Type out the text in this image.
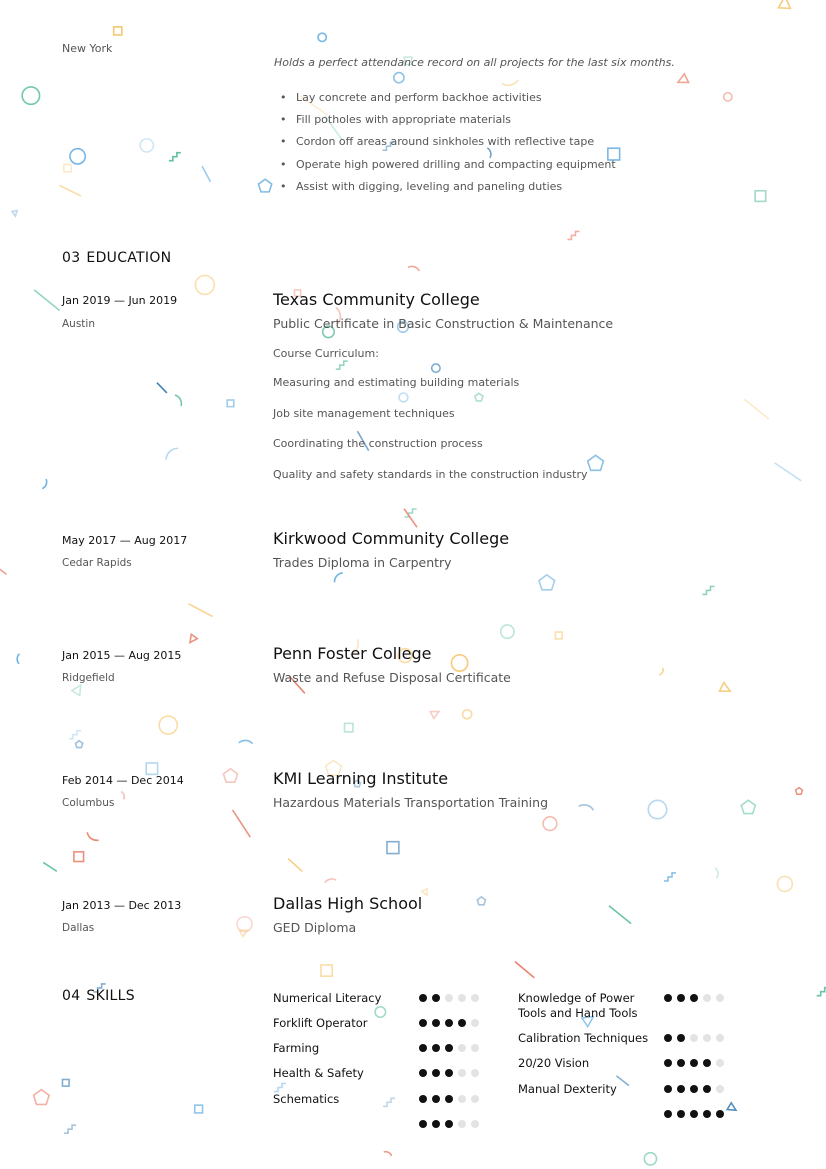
New York
Holds a perfect attendance record on all projects for the last six months.
• Lay concrete and perform backhoe activities
• Fill potholes with appropriate materials
• Cordon off areas around sinkholes with reflective tape
• Operate high powered drilling and compacting equipment
• Assist with digging, leveling and paneling duties
03 EDUCATION
Jan 2019 — Jun 2019
Austin
Texas Community College
Public Certificate in Basic Construction & Maintenance
Course Curriculum:
Measuring and estimating building materials
Job site management techniques
Coordinating the construction process
Quality and safety standards in the construction industry
May 2017 — Aug 2017
Cedar Rapids
Kirkwood Community College
Trades Diploma in Carpentry
Jan 2015 — Aug 2015
Ridgefield
Penn Foster College
Waste and Refuse Disposal Certificate
Feb 2014 — Dec 2014
Columbus
KMI Learning Institute
Hazardous Materials Transportation Training
Jan 2013 — Dec 2013
Dallas
Dallas High School
GED Diploma
04 SKILLS	Numerical Literacy
Forklift Operator
Farming
Health & Safety
Schematics
Knowledge of Power Tools and Hand Tools
Calibration Techniques
20/20 Vision
Manual Dexterity
